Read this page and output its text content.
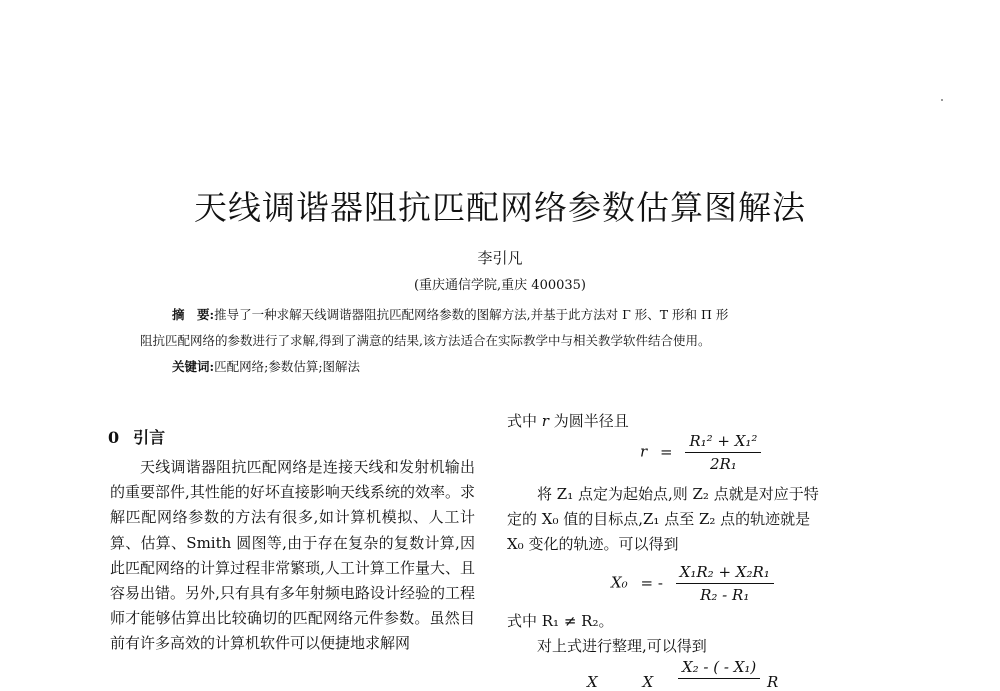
天线调谐器阻抗匹配网络参数估算图解法
李引凡
(重庆通信学院,重庆 400035)
摘　要:推导了一种求解天线调谐器阻抗匹配网络参数的图解方法,并基于此方法对 Γ 形、T 形和 Π 形
阻抗匹配网络的参数进行了求解,得到了满意的结果,该方法适合在实际教学中与相关教学软件结合使用。
关键词:匹配网络;参数估算;图解法
0 引言

天线调谐器阻抗匹配网络是连接天线和发射机输出的重要部件,其性能的好坏直接影响天线系统的效率。求解匹配网络参数的方法有很多,如计算机模拟、人工计算、估算、Smith 圆图等,由于存在复杂的复数计算,因此匹配网络的计算过程非常繁琐,人工计算工作量大、且容易出错。另外,只有具有多年射频电路设计经验的工程师才能够估算出比较确切的匹配网络元件参数。虽然目前有许多高效的计算机软件可以便捷地求解网

式中 r 为圆半径且
$r = \frac{\text{R₁² + X₁²}}{\text{2R₁}}$
将 Z₁ 点定为起始点,则 Z₂ 点就是对应于特
定的 X₀ 值的目标点,Z₁ 点至 Z₂ 点的轨迹就是
X₀ 变化的轨迹。可以得到
X₀ = - $\frac{\text{X₁R₂ + X₂R₁}}{\text{R₂ - R₁}}$
式中 R₁ ≠ R₂。
对上式进行整理,可以得到
X	X
X₂ - ( - X₁)
R
